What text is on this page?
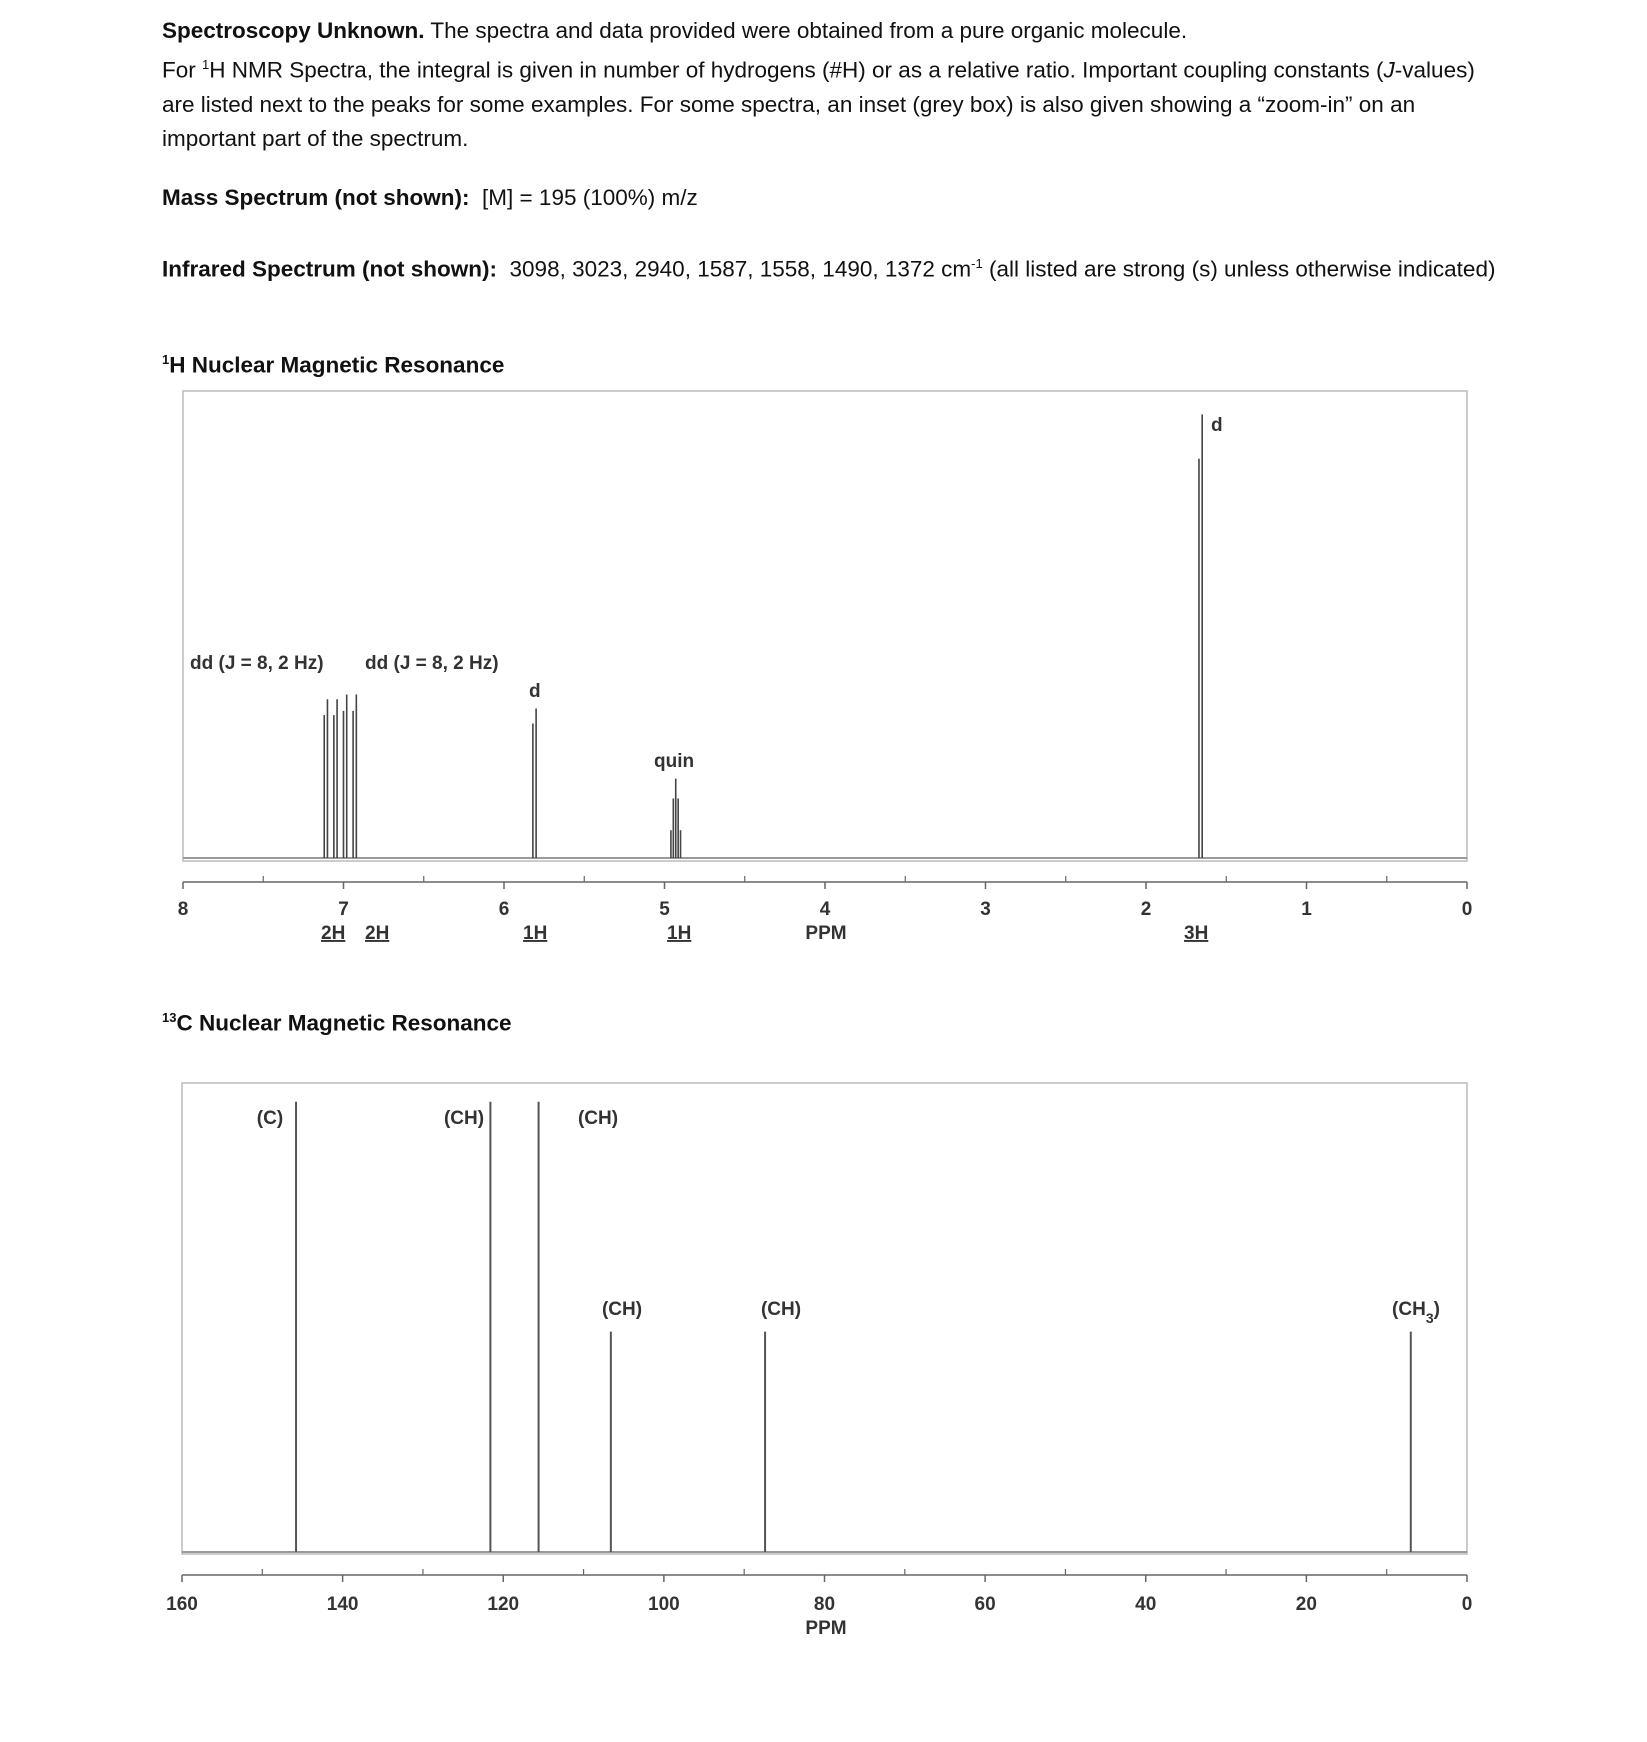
Spectroscopy Unknown. The spectra and data provided were obtained from a pure organic molecule.
For $^1$H NMR Spectra, the integral is given in number of hydrogens (#H) or as a relative ratio. Important coupling constants (J-values) are listed next to the peaks for some examples. For some spectra, an inset (grey box) is also given showing a “zoom-in” on an important part of the spectrum.
Mass Spectrum (not shown): [M] = 195 (100%) m/z
Infrared Spectrum (not shown): 3098, 3023, 2940, 1587, 1558, 1490, 1372 $cm^{-1}$ (all listed are strong (s) unless otherwise indicated)
$^1$H Nuclear Magnetic Resonance
8	7	6	5	4	3	2	1	0
dd (J = 8, 2 Hz) dd (J = 8, 2 Hz)
d
quin
d
2H 2H	1H	1H	PPM	3H
$^{13}$C Nuclear Magnetic Resonance
160	140	120	100	80	60	40	20	0
(C)	(CH)	(CH)
(CH)	(CH)	$(CH_3)$
PPM
